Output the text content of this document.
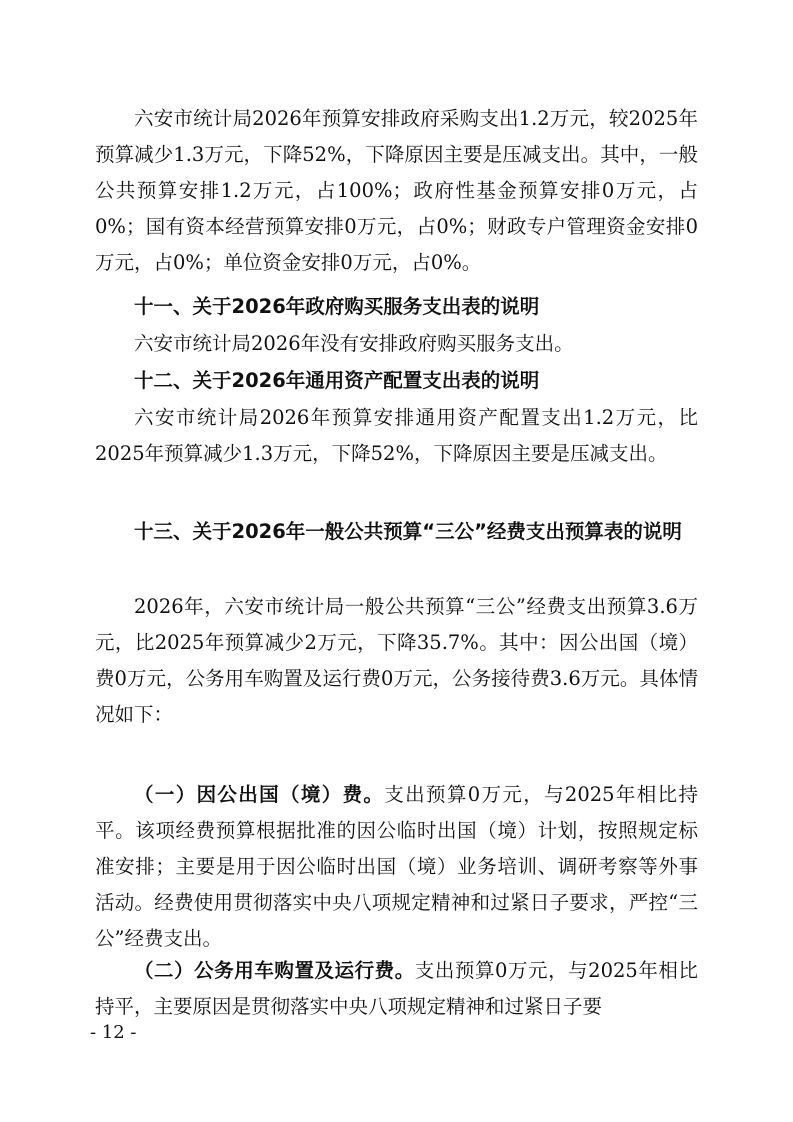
六安市统计局2026年预算安排政府采购支出1.2万元，较2025年预算减少1.3万元，下降52%，下降原因主要是压减支出。其中，一般公共预算安排1.2万元，占100%；政府性基金预算安排0万元，占0%；国有资本经营预算安排0万元，占0%；财政专户管理资金安排0万元，占0%；单位资金安排0万元，占0%。

十一、关于2026年政府购买服务支出表的说明

六安市统计局2026年没有安排政府购买服务支出。

十二、关于2026年通用资产配置支出表的说明

六安市统计局2026年预算安排通用资产配置支出1.2万元，比2025年预算减少1.3万元，下降52%，下降原因主要是压减支出。

十三、关于2026年一般公共预算“三公”经费支出预算表的说明

2026年，六安市统计局一般公共预算“三公”经费支出预算3.6万元，比2025年预算减少2万元，下降35.7%。其中：因公出国（境）费0万元，公务用车购置及运行费0万元，公务接待费3.6万元。具体情况如下：

（一）因公出国（境）费。支出预算0万元，与2025年相比持平。该项经费预算根据批准的因公临时出国（境）计划，按照规定标准安排；主要是用于因公临时出国（境）业务培训、调研考察等外事活动。经费使用贯彻落实中央八项规定精神和过紧日子要求，严控“三公”经费支出。

（二）公务用车购置及运行费。支出预算0万元，与2025年相比持平，主要原因是贯彻落实中央八项规定精神和过紧日子要

- 12 -
